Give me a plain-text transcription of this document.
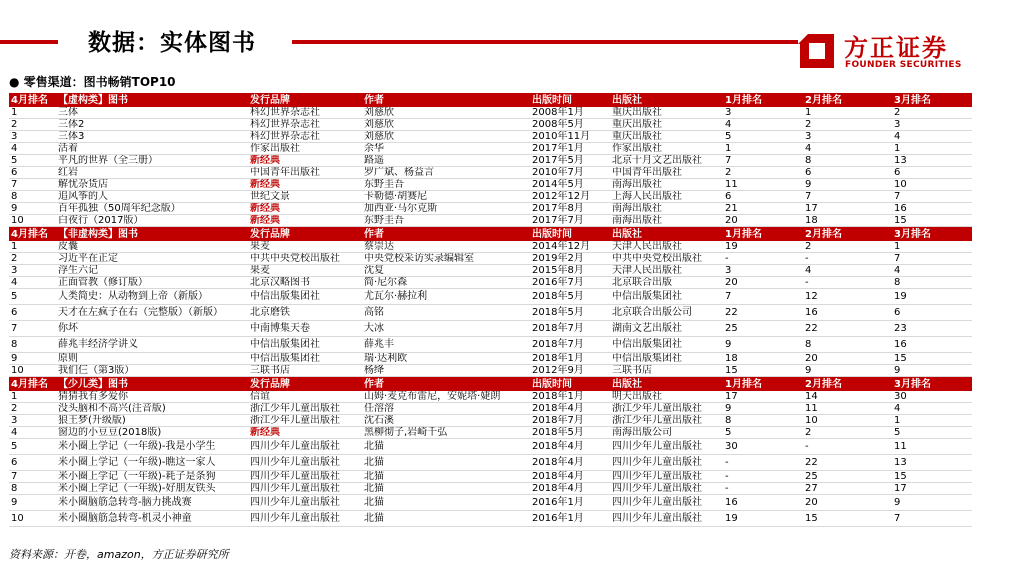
数据：实体图书	方正证券
FOUNDER SECURITIES
● 零售渠道：图书畅销TOP10
4月排名	【虚构类】图书	发行品牌	作者	出版时间	出版社	1月排名	2月排名	3月排名
1	三体	科幻世界杂志社	刘慈欣	2008年1月	重庆出版社	3	1	2
2	三体2	科幻世界杂志社	刘慈欣	2008年5月	重庆出版社	4	2	3
3	三体3	科幻世界杂志社	刘慈欣	2010年11月	重庆出版社	5	3	4
4	活着	作家出版社	余华	2017年1月	作家出版社	1	4	1
5	平凡的世界（全三册）	新经典	路遥	2017年5月	北京十月文艺出版社	7	8	13
6	红岩	中国青年出版社	罗广斌、杨益言	2010年7月	中国青年出版社	2	6	6
7	解忧杂货店	新经典	东野圭吾	2014年5月	南海出版社	11	9	10
8	追风筝的人	世纪文景	卡勒德·胡赛尼	2012年12月	上海人民出版社	6	7	7
9	百年孤独（50周年纪念版）	新经典	加西亚·马尔克斯	2017年8月	南海出版社	21	17	16
10	白夜行（2017版）	新经典	东野圭吾	2017年7月	南海出版社	20	18	15
4月排名	【非虚构类】图书	发行品牌	作者	出版时间	出版社	1月排名	2月排名	3月排名
1	皮囊	果麦	蔡崇达	2014年12月	天津人民出版社	19	2	1
2	习近平在正定	中共中央党校出版社	中央党校采访实录编辑室	2019年2月	中共中央党校出版社	-	-	7
3	浮生六记	果麦	沈复	2015年8月	天津人民出版社	3	4	4
4	正面管教（修订版）	北京汉略图书	简·尼尔森	2016年7月	北京联合出版	20	-	8
5	人类简史：从动物到上帝（新版）	中信出版集团社	尤瓦尔·赫拉利	2018年5月	中信出版集团社	7	12	19
6	天才在左疯子在右（完整版）（新版）	北京磨铁	高铭	2018年5月	北京联合出版公司	22	16	6
7	你坏	中南博集天卷	大冰	2018年7月	湖南文艺出版社	25	22	23
8	薛兆丰经济学讲义	中信出版集团社	薛兆丰	2018年7月	中信出版集团社	9	8	16
9	原则	中信出版集团社	瑞·达利欧	2018年1月	中信出版集团社	18	20	15
10	我们仨（第3版）	三联书店	杨绛	2012年9月	三联书店	15	9	9
4月排名	【少儿类】图书	发行品牌	作者	出版时间	出版社	1月排名	2月排名	3月排名
1	猜猜我有多爱你	信谊	山姆·麦克布雷尼，安妮塔·婕朗	2018年1月	明天出版社	17	14	30
2	没头脑和不高兴(注音版)	浙江少年儿童出版社	任溶溶	2018年4月	浙江少年儿童出版社	9	11	4
3	狼王梦(升级版)	浙江少年儿童出版社	沈石溪	2018年7月	浙江少年儿童出版社	8	10	1
4	窗边的小豆豆(2018版)	新经典	黑柳彻子,岩崎千弘	2018年5月	南海出版公司	5	2	5
5	米小圈上学记（一年级)-我是小学生	四川少年儿童出版社	北猫	2018年4月	四川少年儿童出版社	30	-	11
6	米小圈上学记（一年级)-瞧这一家人	四川少年儿童出版社	北猫	2018年4月	四川少年儿童出版社	-	22	13
7	米小圈上学记（一年级)-耗子是条狗	四川少年儿童出版社	北猫	2018年4月	四川少年儿童出版社	-	25	15
8	米小圈上学记（一年级)-好朋友铁头	四川少年儿童出版社	北猫	2018年4月	四川少年儿童出版社	-	27	17
9	米小圈脑筋急转弯-脑力挑战赛	四川少年儿童出版社	北猫	2016年1月	四川少年儿童出版社	16	20	9
10	米小圈脑筋急转弯-机灵小神童	四川少年儿童出版社	北猫	2016年1月	四川少年儿童出版社	19	15	7
资料来源：开卷，amazon，方正证券研究所
